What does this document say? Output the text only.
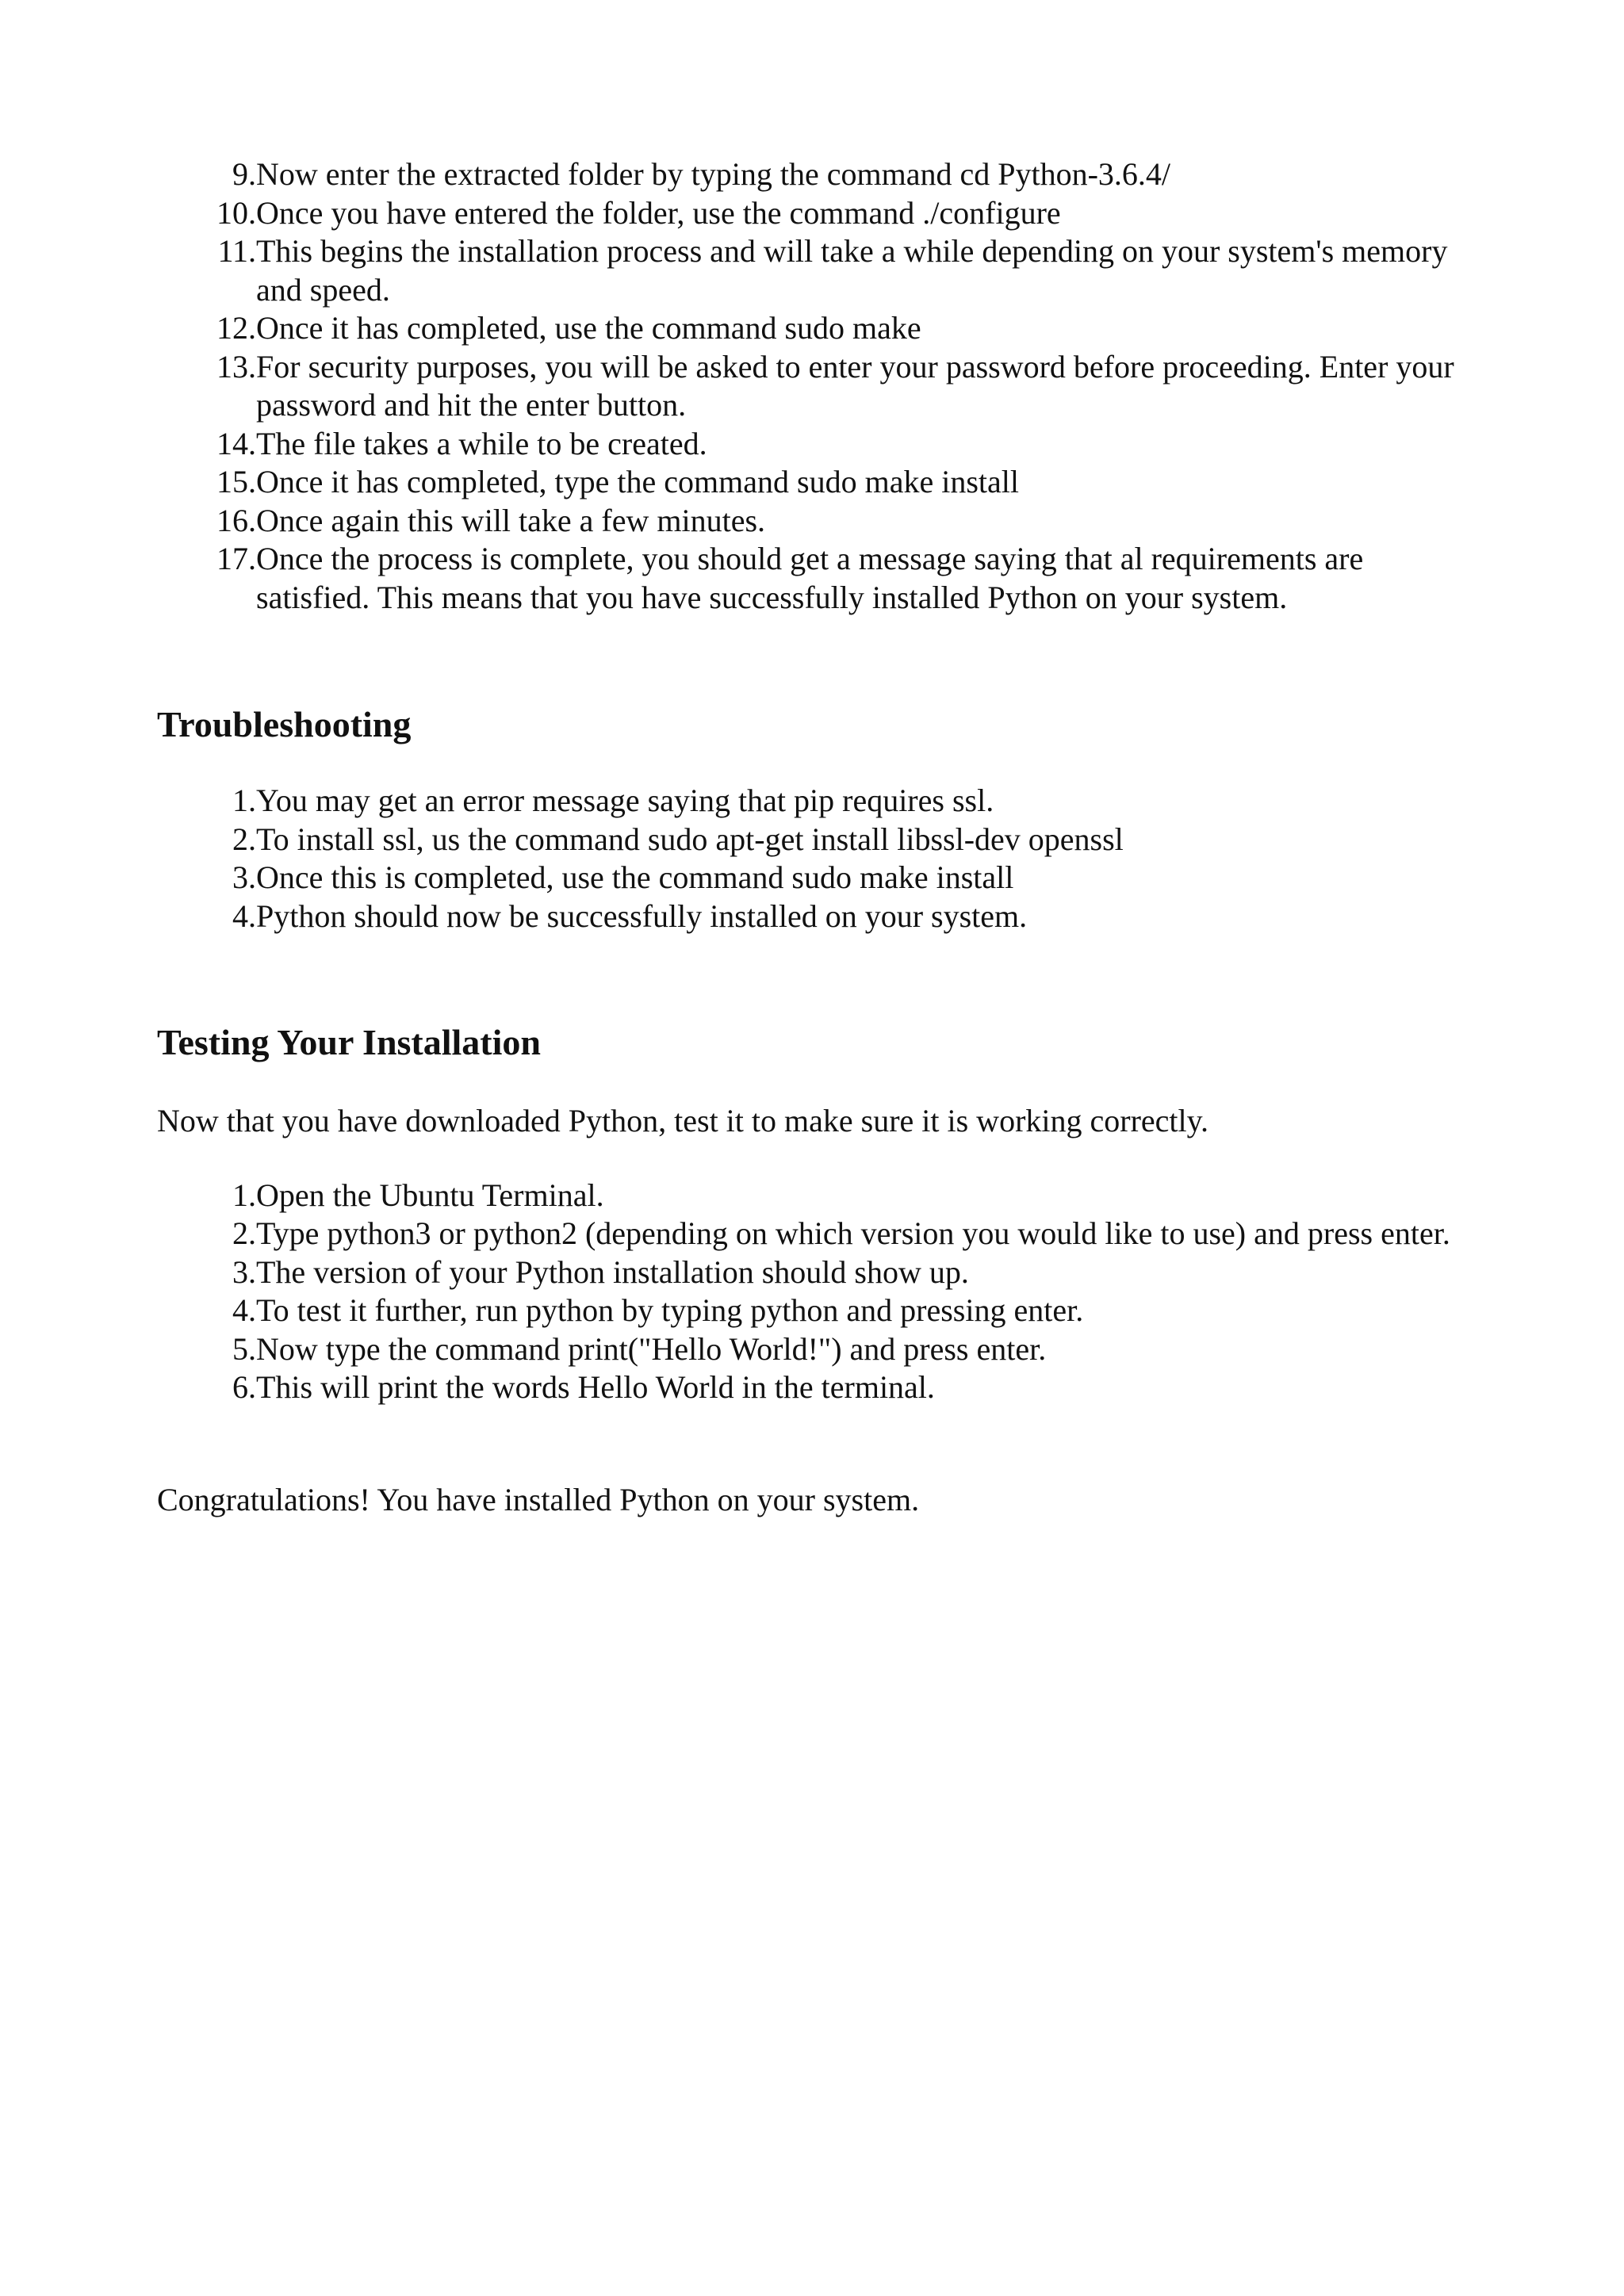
9. Now enter the extracted folder by typing the command cd Python-3.6.4/
10. Once you have entered the folder, use the command ./configure
11. This begins the installation process and will take a while depending on your system's memory and speed.
12. Once it has completed, use the command sudo make
13. For security purposes, you will be asked to enter your password before proceeding. Enter your password and hit the enter button.
14. The file takes a while to be created.
15. Once it has completed, type the command sudo make install
16. Once again this will take a few minutes.
17. Once the process is complete, you should get a message saying that al requirements are satisfied. This means that you have successfully installed Python on your system.
Troubleshooting
1. You may get an error message saying that pip requires ssl.
2. To install ssl, us the command sudo apt-get install libssl-dev openssl
3. Once this is completed, use the command sudo make install
4. Python should now be successfully installed on your system.
Testing Your Installation

Now that you have downloaded Python, test it to make sure it is working correctly.

1. Open the Ubuntu Terminal.
2. Type python3 or python2 (depending on which version you would like to use) and press enter.
3. The version of your Python installation should show up.
4. To test it further, run python by typing python and pressing enter.
5. Now type the command print("Hello World!") and press enter.
6. This will print the words Hello World in the terminal.

Congratulations! You have installed Python on your system.
